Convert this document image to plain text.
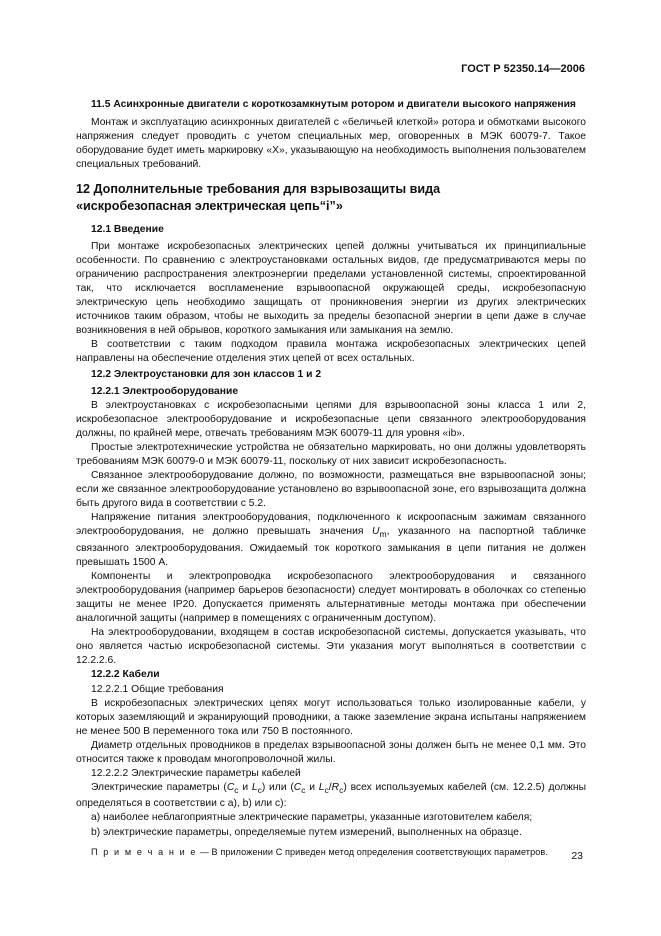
ГОСТ Р 52350.14—2006

11.5 Асинхронные двигатели с короткозамкнутым ротором и двигатели высокого напряжения

Монтаж и эксплуатацию асинхронных двигателей с «беличьей клеткой» ротора и обмотками высокого напряжения следует проводить с учетом специальных мер, оговоренных в МЭК 60079-7. Такое оборудование будет иметь маркировку «Х», указывающую на необходимость выполнения пользователем специальных требований.

12 Дополнительные требования для взрывозащиты вида
«искробезопасная электрическая цепь“i”»

12.1 Введение

При монтаже искробезопасных электрических цепей должны учитываться их принципиальные особенности. По сравнению с электроустановками остальных видов, где предусматриваются меры по ограничению распространения электроэнергии пределами установленной системы, спроектированной так, что исключается воспламенение взрывоопасной окружающей среды, искробезопасную электрическую цепь необходимо защищать от проникновения энергии из других электрических источников таким образом, чтобы не выходить за пределы безопасной энергии в цепи даже в случае возникновения в ней обрывов, короткого замыкания или замыкания на землю.

В соответствии с таким подходом правила монтажа искробезопасных электрических цепей направлены на обеспечение отделения этих цепей от всех остальных.

12.2 Электроустановки для зон классов 1 и 2

12.2.1 Электрооборудование

В электроустановках с искробезопасными цепями для взрывоопасной зоны класса 1 или 2, искробезопасное электрооборудование и искробезопасные цепи связанного электрооборудования должны, по крайней мере, отвечать требованиям МЭК 60079-11 для уровня «ib».

Простые электротехнические устройства не обязательно маркировать, но они должны удовлетворять требованиям МЭК 60079-0 и МЭК 60079-11, поскольку от них зависит искробезопасность.

Связанное электрооборудование должно, по возможности, размещаться вне взрывоопасной зоны; если же связанное электрооборудование установлено во взрывоопасной зоне, его взрывозащита должна быть другого вида в соответствии с 5.2.

Напряжение питания электрооборудования, подключенного к искроопасным зажимам связанного электрооборудования, не должно превышать значения $U_m$, указанного на паспортной табличке связанного электрооборудования. Ожидаемый ток короткого замыкания в цепи питания не должен превышать 1500 А.

Компоненты и электропроводка искробезопасного электрооборудования и связанного электрооборудования (например барьеров безопасности) следует монтировать в оболочках со степенью защиты не менее IP20. Допускается применять альтернативные методы монтажа при обеспечении аналогичной защиты (например в помещениях с ограниченным доступом).

На электрооборудовании, входящем в состав искробезопасной системы, допускается указывать, что оно является частью искробезопасной системы. Эти указания могут выполняться в соответствии с 12.2.2.6.

12.2.2 Кабели

12.2.2.1 Общие требования

В искробезопасных электрических цепях могут использоваться только изолированные кабели, у которых заземляющий и экранирующий проводники, а также заземление экрана испытаны напряжением не менее 500 В переменного тока или 750 В постоянного.

Диаметр отдельных проводников в пределах взрывоопасной зоны должен быть не менее 0,1 мм. Это относится также к проводам многопроволочной жилы.

12.2.2.2 Электрические параметры кабелей

Электрические параметры ($C_c$ и $L_c$) или ($C_c$ и $L_c/R_c$) всех используемых кабелей (см. 12.2.5) должны определяться в соответствии с a), b) или c):

a) наиболее неблагоприятные электрические параметры, указанные изготовителем кабеля;

b) электрические параметры, определяемые путем измерений, выполненных на образце.

П р и м е ч а н и е — В приложении С приведен метод определения соответствующих параметров.	23
